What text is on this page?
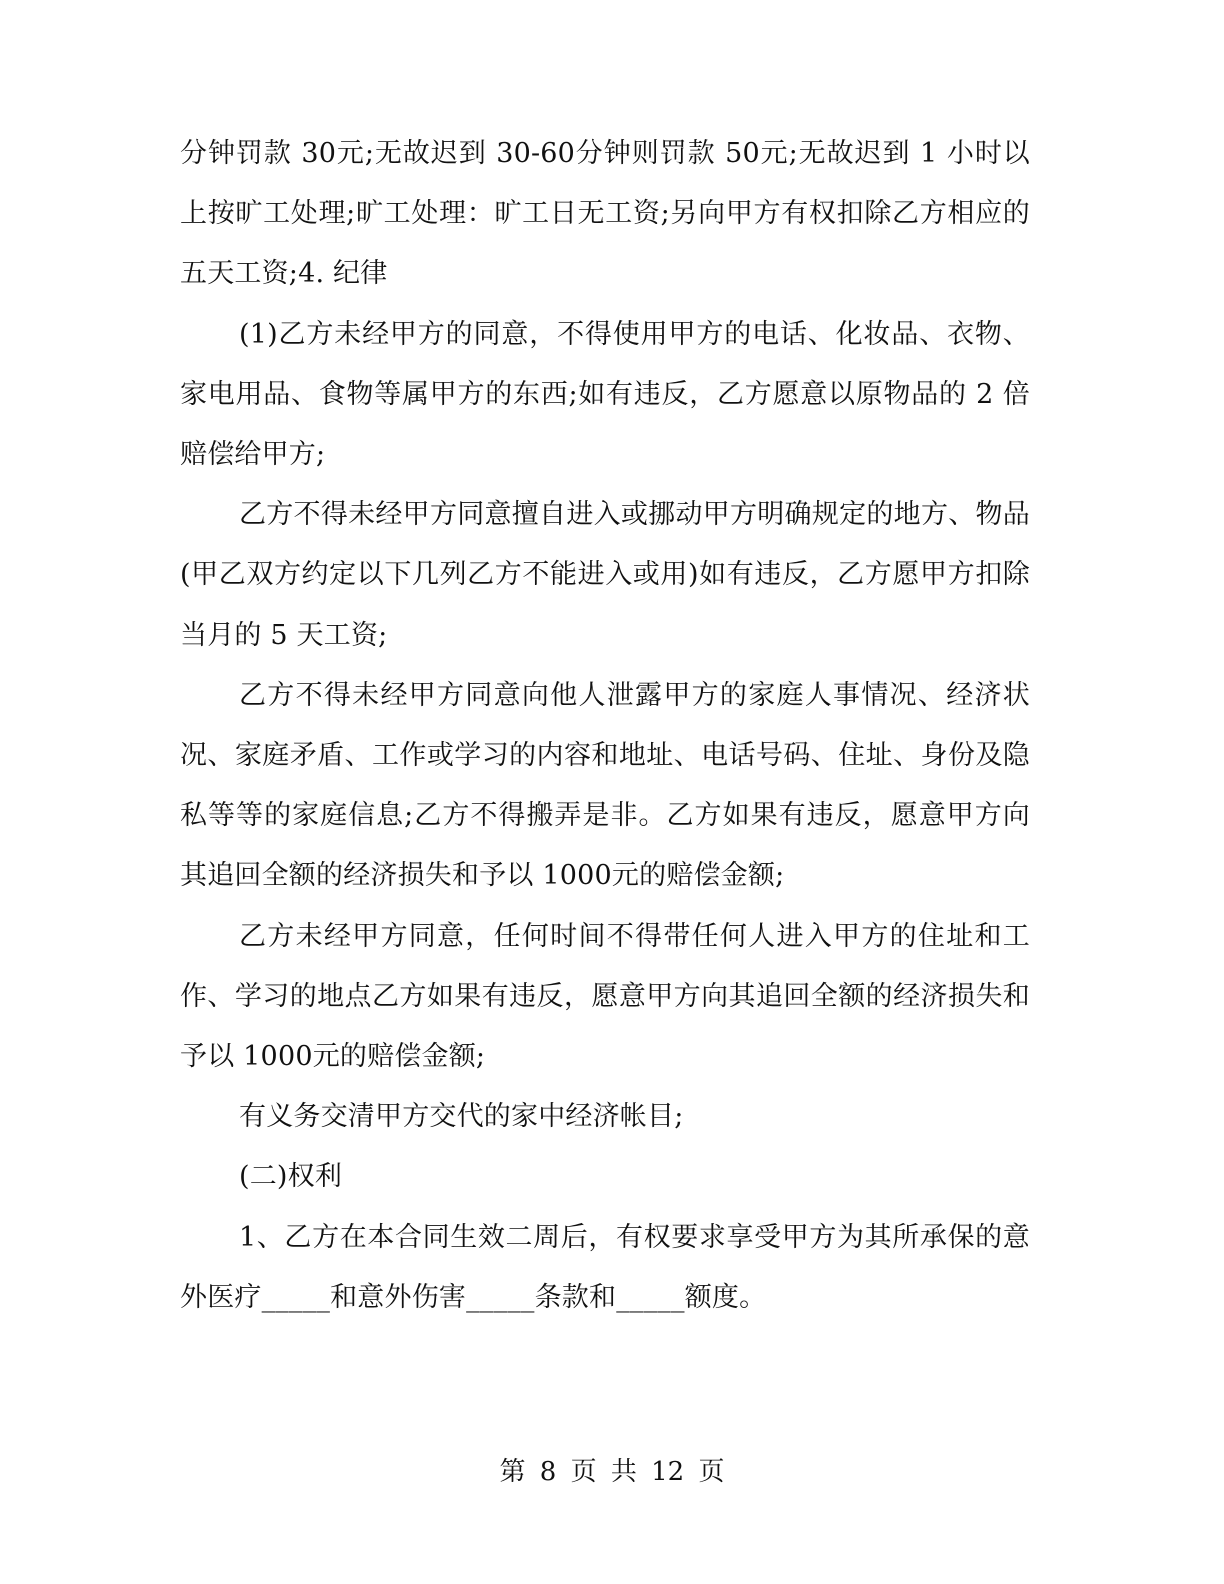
分钟罚款 30元;无故迟到 30-60分钟则罚款 50元;无故迟到 1 小时以上按旷工处理;旷工处理：旷工日无工资;另向甲方有权扣除乙方相应的五天工资;4. 纪律

(1)乙方未经甲方的同意，不得使用甲方的电话、化妆品、衣物、家电用品、食物等属甲方的东西;如有违反，乙方愿意以原物品的 2 倍赔偿给甲方;

乙方不得未经甲方同意擅自进入或挪动甲方明确规定的地方、物品(甲乙双方约定以下几列乙方不能进入或用)如有违反，乙方愿甲方扣除当月的 5 天工资;

乙方不得未经甲方同意向他人泄露甲方的家庭人事情况、经济状况、家庭矛盾、工作或学习的内容和地址、电话号码、住址、身份及隐私等等的家庭信息;乙方不得搬弄是非。乙方如果有违反，愿意甲方向其追回全额的经济损失和予以 1000元的赔偿金额;

乙方未经甲方同意，任何时间不得带任何人进入甲方的住址和工作、学习的地点乙方如果有违反，愿意甲方向其追回全额的经济损失和予以 1000元的赔偿金额;

有义务交清甲方交代的家中经济帐目;

(二)权利

1、乙方在本合同生效二周后，有权要求享受甲方为其所承保的意外医疗_____和意外伤害_____条款和_____额度。

第 8 页 共 12 页
